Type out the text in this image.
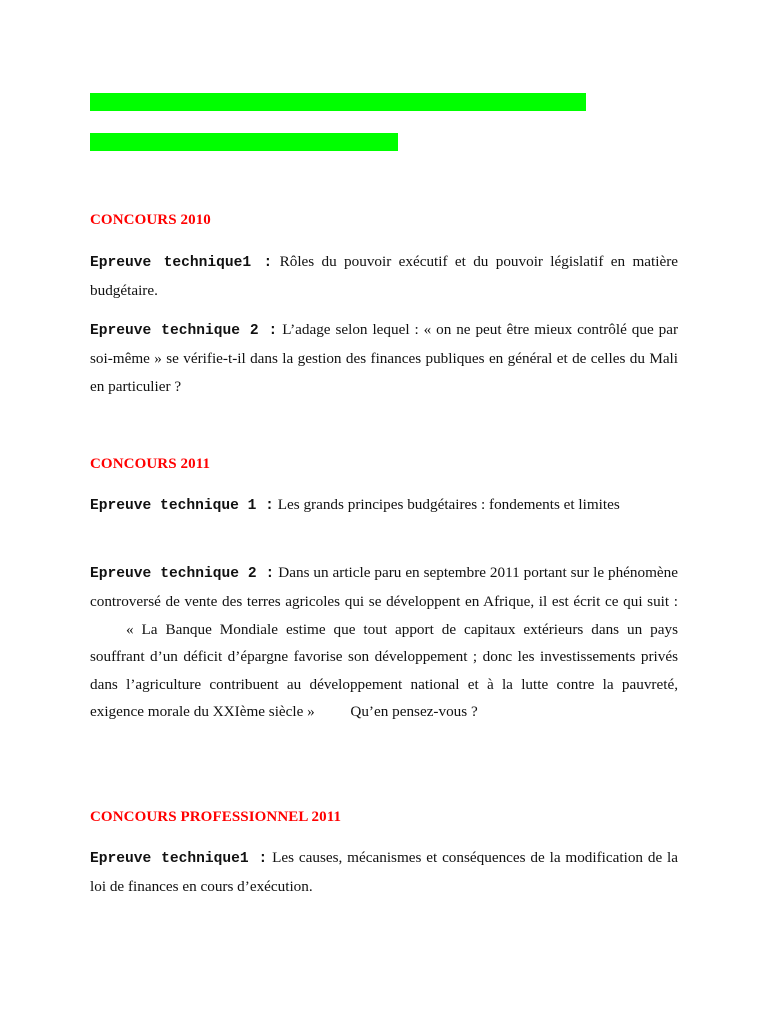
CONCOURS 2010

Epreuve technique1 : Rôles du pouvoir exécutif et du pouvoir législatif en matière budgétaire.

Epreuve technique 2 : L’adage selon lequel : « on ne peut être mieux contrôlé que par soi-même » se vérifie-t-il dans la gestion des finances publiques en général et de celles du Mali en particulier ?

CONCOURS 2011

Epreuve technique 1 : Les grands principes budgétaires : fondements et limites

Epreuve technique 2 : Dans un article paru en septembre 2011 portant sur le phénomène controversé de vente des terres agricoles qui se développent en Afrique, il est écrit ce qui suit :  « La Banque Mondiale estime que tout apport de capitaux extérieurs dans un pays souffrant d’un déficit d’épargne favorise son développement ; donc les investissements privés dans l’agriculture contribuent au développement national et à la lutte contre la pauvreté, exigence morale du XXIème siècle » Qu’en pensez-vous ?

CONCOURS PROFESSIONNEL 2011

Epreuve technique1 : Les causes, mécanismes et conséquences de la modification de la loi de finances en cours d’exécution.
